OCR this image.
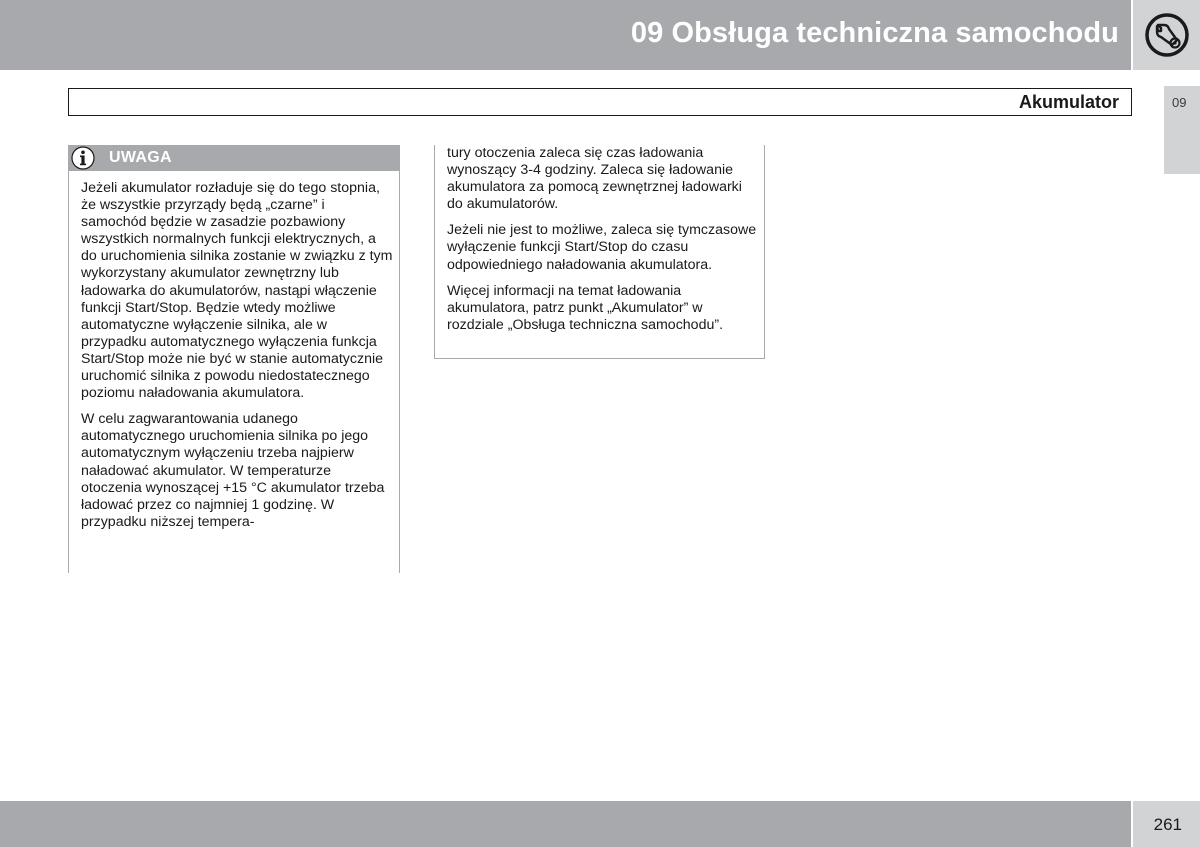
09 Obsługa techniczna samochodu
Akumulator	09
UWAGA

Jeżeli akumulator rozładuje się do tego stopnia, że wszystkie przyrządy będą „czarne” i samochód będzie w zasadzie pozbawiony wszystkich normalnych funkcji elektrycznych, a do uruchomienia silnika zostanie w związku z tym wykorzystany akumulator zewnętrzny lub ładowarka do akumulatorów, nastąpi włączenie funkcji Start/Stop. Będzie wtedy możliwe automatyczne wyłączenie silnika, ale w przypadku automatycznego wyłączenia funkcja Start/Stop może nie być w stanie automatycznie uruchomić silnika z powodu niedostatecznego poziomu naładowania akumulatora.

W celu zagwarantowania udanego automatycznego uruchomienia silnika po jego automatycznym wyłączeniu trzeba najpierw naładować akumulator. W temperaturze otoczenia wynoszącej +15 °C akumulator trzeba ładować przez co najmniej 1 godzinę. W przypadku niższej tempera-

tury otoczenia zaleca się czas ładowania wynoszący 3-4 godziny. Zaleca się ładowanie akumulatora za pomocą zewnętrznej ładowarki do akumulatorów.

Jeżeli nie jest to możliwe, zaleca się tymczasowe wyłączenie funkcji Start/Stop do czasu odpowiedniego naładowania akumulatora.

Więcej informacji na temat ładowania akumulatora, patrz punkt „Akumulator” w rozdziale „Obsługa techniczna samochodu”.

261
